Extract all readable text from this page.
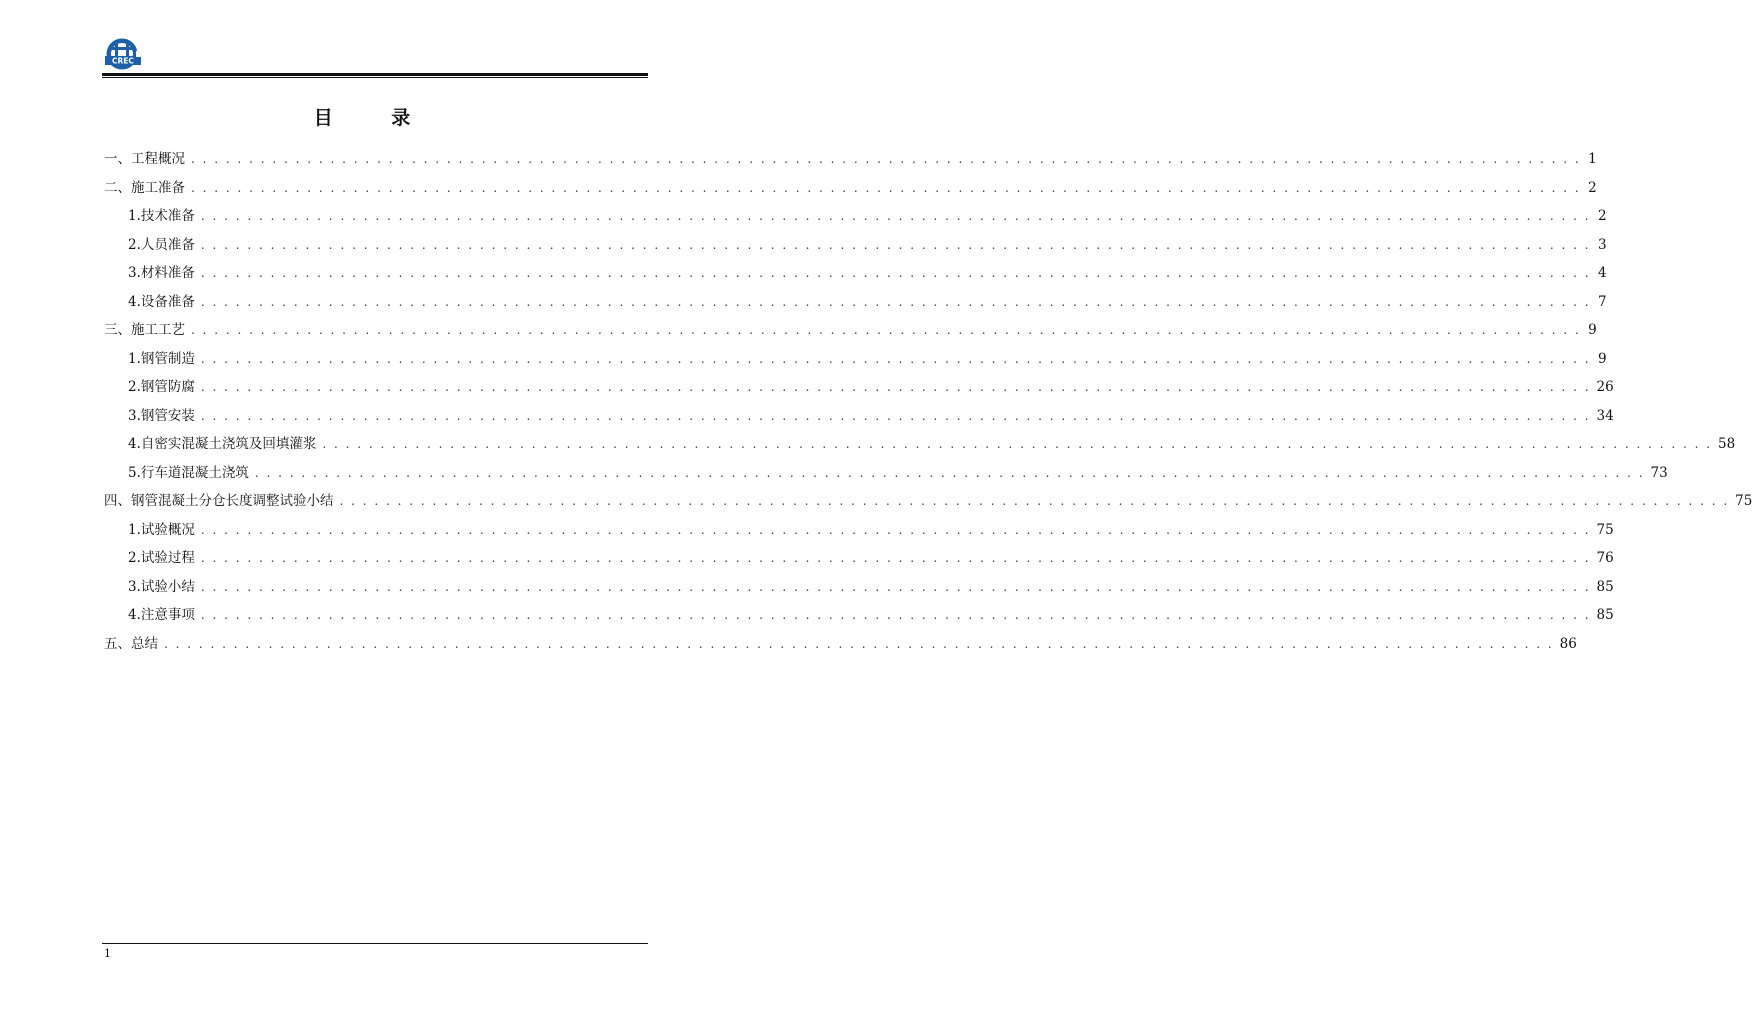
CREC
目 录
一、工程概况 . . . . . . . . . . . . . . . . . . . . . . . . . . . . . . . . . . . . . . . . . . . . . . . . . . . . . . . . . . . . . . . . . . . . . . . . . . . . . . . . . . . . . . . . . . . . . . . . . . . . . . . . . . . . . . . . . . . . . . . . 1
二、施工准备 . . . . . . . . . . . . . . . . . . . . . . . . . . . . . . . . . . . . . . . . . . . . . . . . . . . . . . . . . . . . . . . . . . . . . . . . . . . . . . . . . . . . . . . . . . . . . . . . . . . . . . . . . . . . . . . . . . . . . . . . 2
1.技术准备 . . . . . . . . . . . . . . . . . . . . . . . . . . . . . . . . . . . . . . . . . . . . . . . . . . . . . . . . . . . . . . . . . . . . . . . . . . . . . . . . . . . . . . . . . . . . . . . . . . . . . . . . . . . . . . . . . . . . . . . . 2
2.人员准备 . . . . . . . . . . . . . . . . . . . . . . . . . . . . . . . . . . . . . . . . . . . . . . . . . . . . . . . . . . . . . . . . . . . . . . . . . . . . . . . . . . . . . . . . . . . . . . . . . . . . . . . . . . . . . . . . . . . . . . . . 3
3.材料准备 . . . . . . . . . . . . . . . . . . . . . . . . . . . . . . . . . . . . . . . . . . . . . . . . . . . . . . . . . . . . . . . . . . . . . . . . . . . . . . . . . . . . . . . . . . . . . . . . . . . . . . . . . . . . . . . . . . . . . . . . 4
4.设备准备 . . . . . . . . . . . . . . . . . . . . . . . . . . . . . . . . . . . . . . . . . . . . . . . . . . . . . . . . . . . . . . . . . . . . . . . . . . . . . . . . . . . . . . . . . . . . . . . . . . . . . . . . . . . . . . . . . . . . . . . . 7
三、施工工艺 . . . . . . . . . . . . . . . . . . . . . . . . . . . . . . . . . . . . . . . . . . . . . . . . . . . . . . . . . . . . . . . . . . . . . . . . . . . . . . . . . . . . . . . . . . . . . . . . . . . . . . . . . . . . . . . . . . . . . . . . 9
1.钢管制造 . . . . . . . . . . . . . . . . . . . . . . . . . . . . . . . . . . . . . . . . . . . . . . . . . . . . . . . . . . . . . . . . . . . . . . . . . . . . . . . . . . . . . . . . . . . . . . . . . . . . . . . . . . . . . . . . . . . . . . . . 9
2.钢管防腐 . . . . . . . . . . . . . . . . . . . . . . . . . . . . . . . . . . . . . . . . . . . . . . . . . . . . . . . . . . . . . . . . . . . . . . . . . . . . . . . . . . . . . . . . . . . . . . . . . . . . . . . . . . . . . . . . . . . . . . . . 26
3.钢管安装 . . . . . . . . . . . . . . . . . . . . . . . . . . . . . . . . . . . . . . . . . . . . . . . . . . . . . . . . . . . . . . . . . . . . . . . . . . . . . . . . . . . . . . . . . . . . . . . . . . . . . . . . . . . . . . . . . . . . . . . . 34
4.自密实混凝土浇筑及回填灌浆 . . . . . . . . . . . . . . . . . . . . . . . . . . . . . . . . . . . . . . . . . . . . . . . . . . . . . . . . . . . . . . . . . . . . . . . . . . . . . . . . . . . . . . . . . . . . . . . . . . . . . . . . . . . . . . . . . . . . . . . . 58
5.行车道混凝土浇筑 . . . . . . . . . . . . . . . . . . . . . . . . . . . . . . . . . . . . . . . . . . . . . . . . . . . . . . . . . . . . . . . . . . . . . . . . . . . . . . . . . . . . . . . . . . . . . . . . . . . . . . . . . . . . . . . . . . . . . . . . 73
四、钢管混凝土分仓长度调整试验小结 . . . . . . . . . . . . . . . . . . . . . . . . . . . . . . . . . . . . . . . . . . . . . . . . . . . . . . . . . . . . . . . . . . . . . . . . . . . . . . . . . . . . . . . . . . . . . . . . . . . . . . . . . . . . . . . . . . . . . . . . 75
1.试验概况 . . . . . . . . . . . . . . . . . . . . . . . . . . . . . . . . . . . . . . . . . . . . . . . . . . . . . . . . . . . . . . . . . . . . . . . . . . . . . . . . . . . . . . . . . . . . . . . . . . . . . . . . . . . . . . . . . . . . . . . . 75
2.试验过程 . . . . . . . . . . . . . . . . . . . . . . . . . . . . . . . . . . . . . . . . . . . . . . . . . . . . . . . . . . . . . . . . . . . . . . . . . . . . . . . . . . . . . . . . . . . . . . . . . . . . . . . . . . . . . . . . . . . . . . . . 76
3.试验小结 . . . . . . . . . . . . . . . . . . . . . . . . . . . . . . . . . . . . . . . . . . . . . . . . . . . . . . . . . . . . . . . . . . . . . . . . . . . . . . . . . . . . . . . . . . . . . . . . . . . . . . . . . . . . . . . . . . . . . . . . 85
4.注意事项 . . . . . . . . . . . . . . . . . . . . . . . . . . . . . . . . . . . . . . . . . . . . . . . . . . . . . . . . . . . . . . . . . . . . . . . . . . . . . . . . . . . . . . . . . . . . . . . . . . . . . . . . . . . . . . . . . . . . . . . . 85
五、总结 . . . . . . . . . . . . . . . . . . . . . . . . . . . . . . . . . . . . . . . . . . . . . . . . . . . . . . . . . . . . . . . . . . . . . . . . . . . . . . . . . . . . . . . . . . . . . . . . . . . . . . . . . . . . . . . . . . . . . . . . 86
1
